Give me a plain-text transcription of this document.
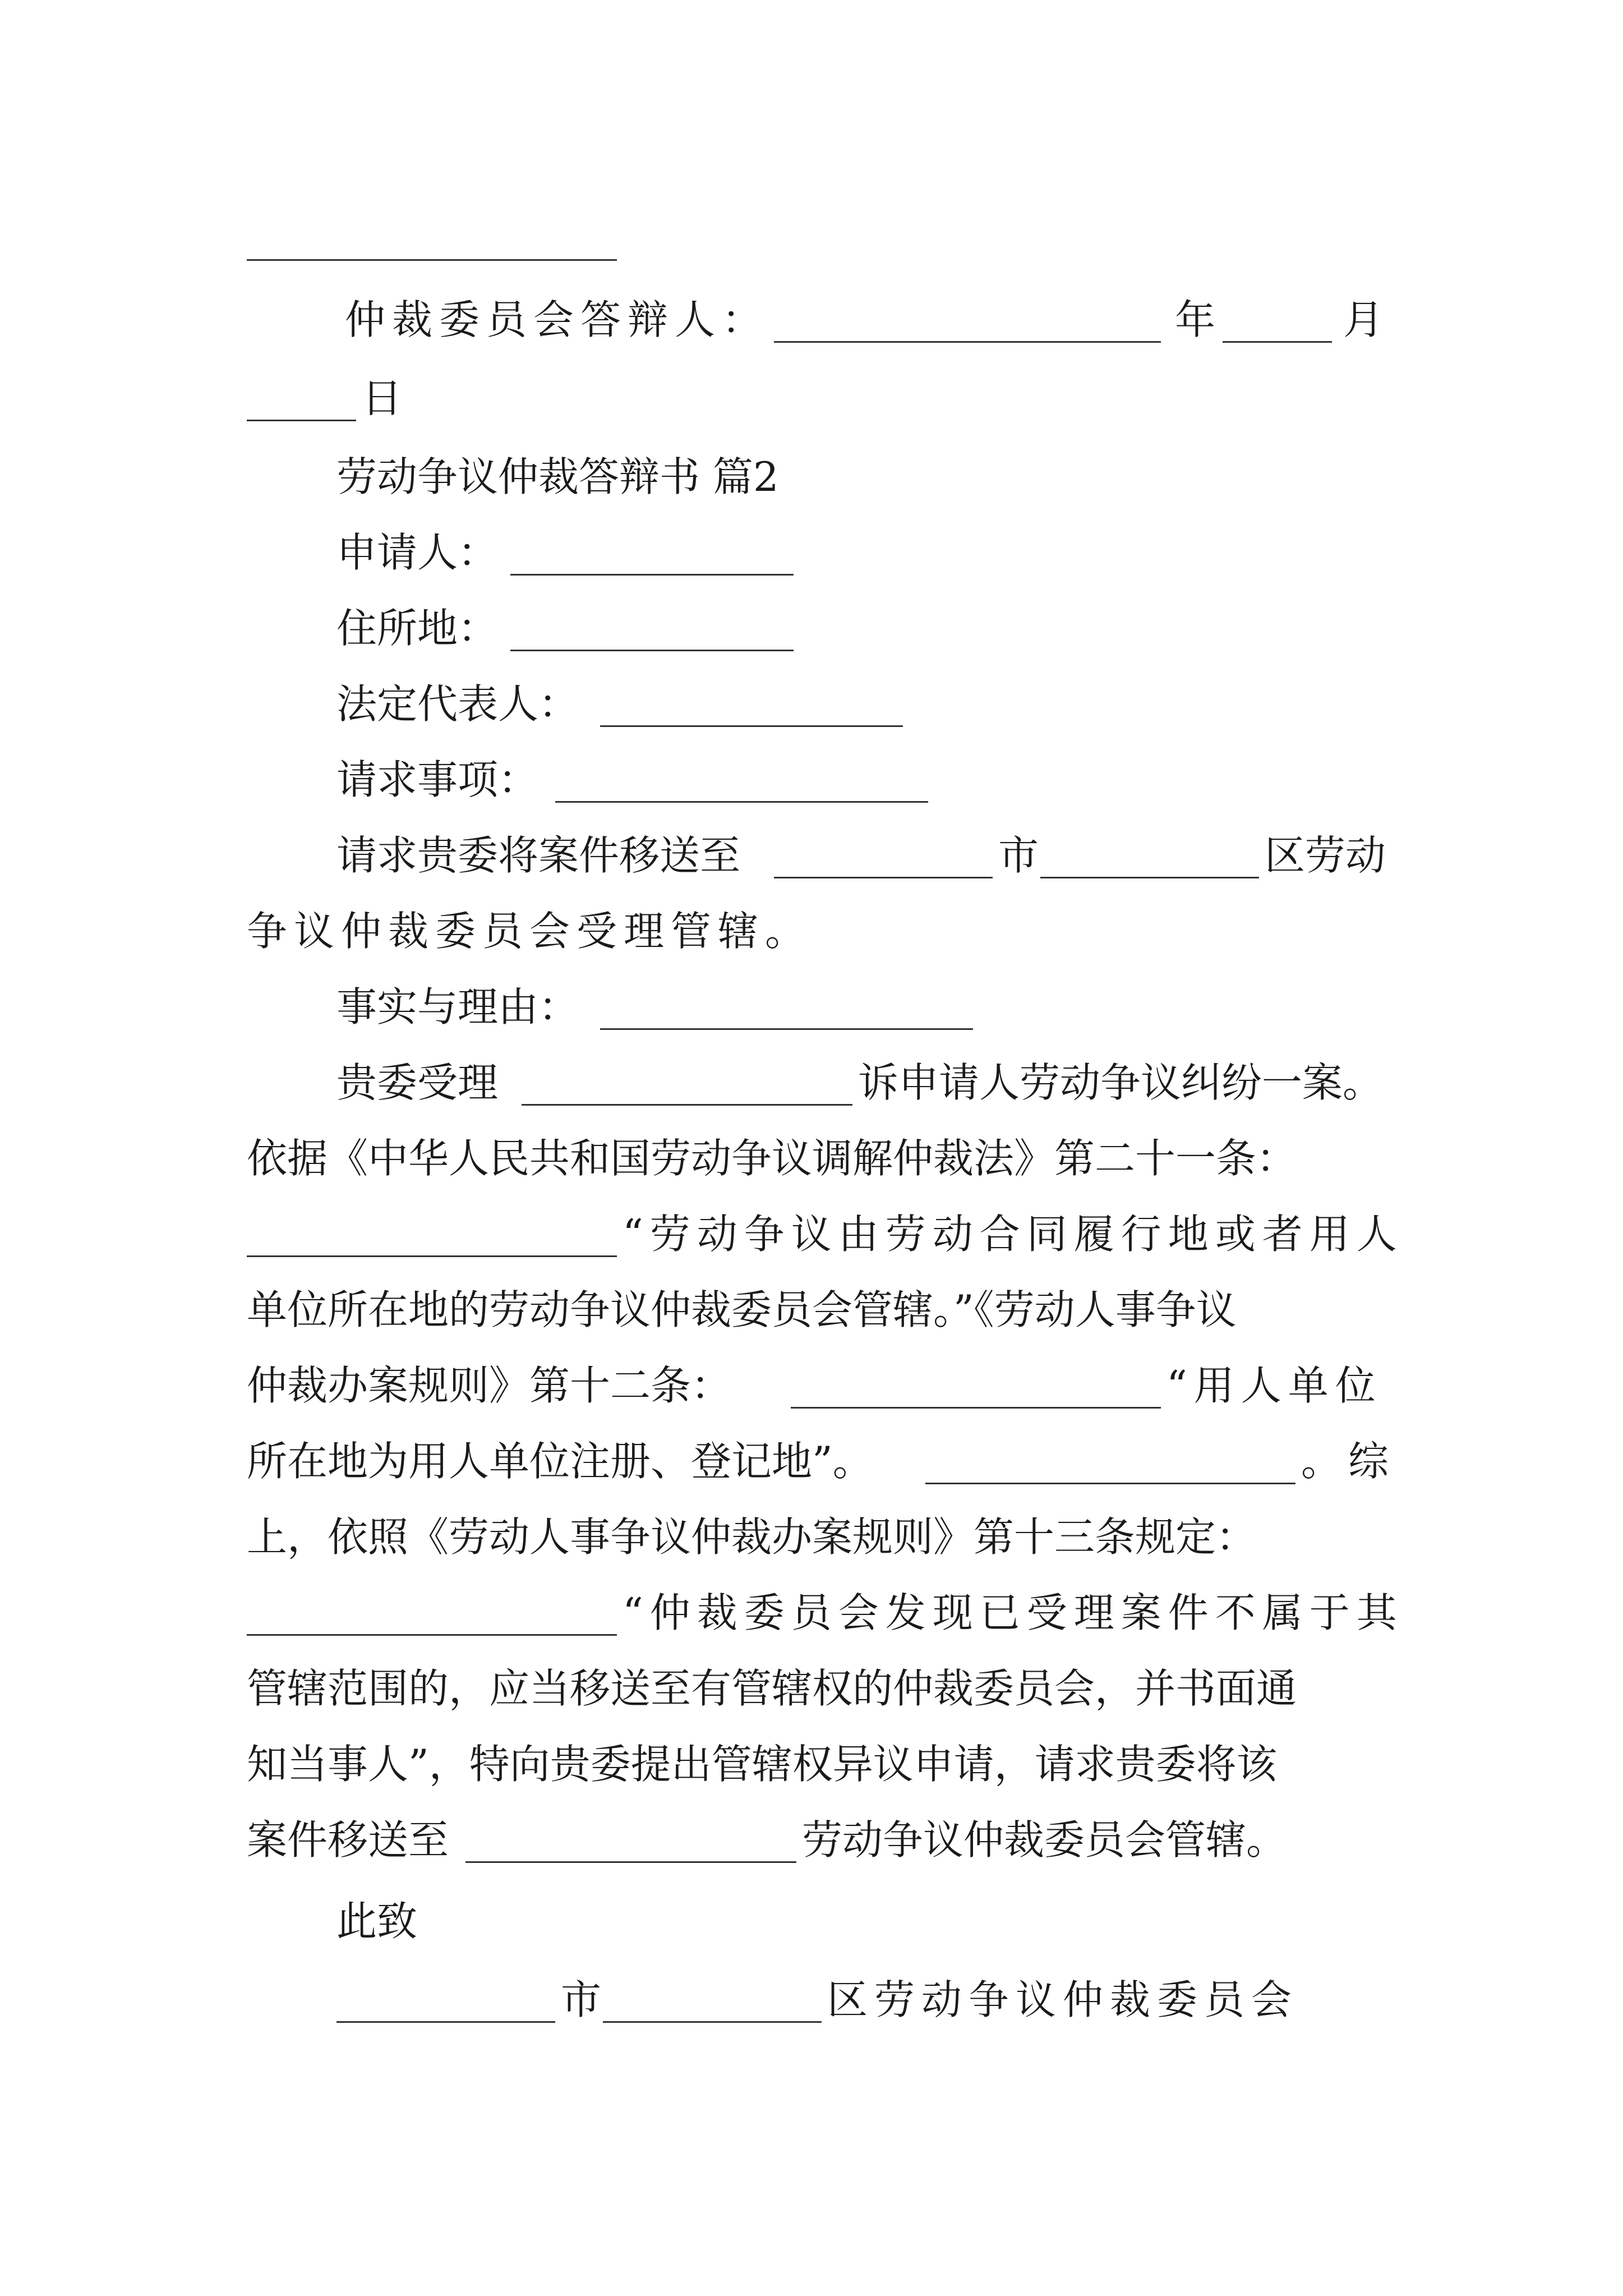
仲裁委员会答辩人：	年	月
日
劳动争议仲裁答辩书 篇2
申请人：
住所地：
法定代表人：
请求事项：
请求贵委将案件移送至	市	区劳动
争议仲裁委员会受理管辖。
事实与理由：
贵委受理	诉申请人劳动争议纠纷一案。
依据《中华人民共和国劳动争议调解仲裁法》第二十一条：
“劳动争议由劳动合同履行地或者用人
单位所在地的劳动争议仲裁委员会管辖。”《劳动人事争议
仲裁办案规则》第十二条：	“用人单位
所在地为用人单位注册、登记地”。	。综
上，依照《劳动人事争议仲裁办案规则》第十三条规定：
“仲裁委员会发现已受理案件不属于其
管辖范围的，应当移送至有管辖权的仲裁委员会，并书面通
知当事人”，特向贵委提出管辖权异议申请，请求贵委将该
案件移送至	劳动争议仲裁委员会管辖。
此致
市	区劳动争议仲裁委员会
